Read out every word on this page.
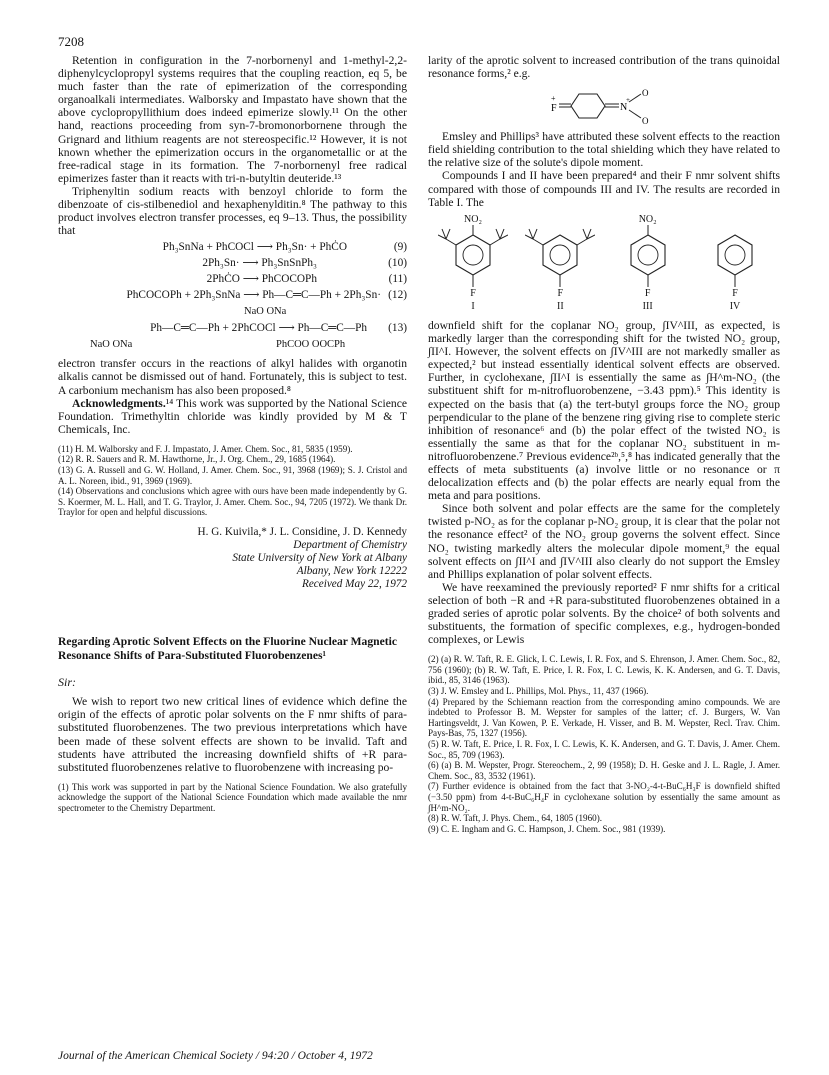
7208

Retention in configuration in the 7-norbornenyl and 1-methyl-2,2-diphenylcyclopropyl systems requires that the coupling reaction, eq 5, be much faster than the rate of epimerization of the corresponding organoalkali intermediates. Walborsky and Impastato have shown that the above cyclopropyllithium does indeed epimerize slowly.¹¹ On the other hand, reactions proceeding from syn-7-bromonorbornene through the Grignard and lithium reagents are not stereospecific.¹² However, it is not known whether the epimerization occurs in the organometallic or at the free-radical stage in its formation. The 7-norbornenyl free radical epimerizes faster than it reacts with tri-n-butyltin deuteride.¹³

Triphenyltin sodium reacts with benzoyl chloride to form the dibenzoate of cis-stilbenediol and hexaphenylditin.⁸ The pathway to this product involves electron transfer processes, eq 9–13. Thus, the possibility that

Ph₃SnNa + PhCOCl ⟶ Ph₃Sn· + PhĊO	(9)
2Ph₃Sn· ⟶ Ph₃SnSnPh₃	(10)
2PhĊO ⟶ PhCOCOPh	(11)
PhCOCOPh + 2Ph₃SnNa ⟶ Ph—C═C—Ph + 2Ph₃Sn· (12)
NaO ONa
Ph—C═C—Ph + 2PhCOCl ⟶ Ph—C═C—Ph (13)
NaO ONa	PhCOO OOCPh

electron transfer occurs in the reactions of alkyl halides with organotin alkalis cannot be dismissed out of hand. Fortunately, this is subject to test. A carbonium mechanism has also been proposed.⁸

Acknowledgments.¹⁴ This work was supported by the National Science Foundation. Trimethyltin chloride was kindly provided by M & T Chemicals, Inc.

(11) H. M. Walborsky and F. J. Impastato, J. Amer. Chem. Soc., 81, 5835 (1959).

(12) R. R. Sauers and R. M. Hawthorne, Jr., J. Org. Chem., 29, 1685 (1964).

(13) G. A. Russell and G. W. Holland, J. Amer. Chem. Soc., 91, 3968 (1969); S. J. Cristol and A. L. Noreen, ibid., 91, 3969 (1969).

(14) Observations and conclusions which agree with ours have been made independently by G. S. Koermer, M. L. Hall, and T. G. Traylor, J. Amer. Chem. Soc., 94, 7205 (1972). We thank Dr. Traylor for open and helpful discussions.

H. G. Kuivila,* J. L. Considine, J. D. Kennedy
Department of Chemistry
State University of New York at Albany
Albany, New York 12222
Received May 22, 1972
Regarding Aprotic Solvent Effects on the Fluorine Nuclear Magnetic Resonance Shifts of Para-Substituted Fluorobenzenes¹
Sir:

We wish to report two new critical lines of evidence which define the origin of the effects of aprotic polar solvents on the F nmr shifts of para-substituted fluorobenzenes. The two previous interpretations which have been made of these solvent effects are shown to be invalid. Taft and students have attributed the increasing downfield shifts of +R para-substituted fluorobenzenes relative to fluorobenzene with increasing po-

(1) This work was supported in part by the National Science Foundation. We also gratefully acknowledge the support of the National Science Foundation which made available the nmr spectrometer to the Chemistry Department.

larity of the aprotic solvent to increased contribution of the trans quinoidal resonance forms,² e.g.

F
+
N
+
O
O

Emsley and Phillips³ have attributed these solvent effects to the reaction field shielding contribution to the total shielding which they have related to the relative size of the solute's dipole moment.

Compounds I and II have been prepared⁴ and their F nmr solvent shifts compared with those of compounds III and IV. The results are recorded in Table I. The

NO₂
F
I
F
II
NO₂
F
III
F
IV

downfield shift for the coplanar NO₂ group, ∫IV^III, as expected, is markedly larger than the corresponding shift for the twisted NO₂ group, ∫II^I. However, the solvent effects on ∫IV^III are not markedly smaller as expected,² but instead essentially identical solvent effects are observed. Further, in cyclohexane, ∫II^I is essentially the same as ∫H^m-NO₂ (the substituent shift for m-nitrofluorobenzene, −3.43 ppm).⁵ This identity is expected on the basis that (a) the tert-butyl groups force the NO₂ group perpendicular to the plane of the benzene ring giving rise to complete steric inhibition of resonance⁶ and (b) the polar effect of the twisted NO₂ is essentially the same as that for the coplanar NO₂ substituent in m-nitrofluorobenzene.⁷ Previous evidence²ᵇ,⁵,⁸ has indicated generally that the effects of meta substituents (a) involve little or no resonance or π delocalization effects and (b) the polar effects are nearly equal from the meta and para positions.

Since both solvent and polar effects are the same for the completely twisted p-NO₂ as for the coplanar p-NO₂ group, it is clear that the polar not the resonance effect² of the NO₂ group governs the solvent effect. Since NO₂ twisting markedly alters the molecular dipole moment,⁹ the equal solvent effects on ∫II^I and ∫IV^III also clearly do not support the Emsley and Phillips explanation of polar solvent effects.

We have reexamined the previously reported² F nmr shifts for a critical selection of both −R and +R para-substituted fluorobenzenes obtained in a graded series of aprotic polar solvents. By the choice² of both solvents and substituents, the formation of specific complexes, e.g., hydrogen-bonded complexes, or Lewis

(2) (a) R. W. Taft, R. E. Glick, I. C. Lewis, I. R. Fox, and S. Ehrenson, J. Amer. Chem. Soc., 82, 756 (1960); (b) R. W. Taft, E. Price, I. R. Fox, I. C. Lewis, K. K. Andersen, and G. T. Davis, ibid., 85, 3146 (1963).

(3) J. W. Emsley and L. Phillips, Mol. Phys., 11, 437 (1966).

(4) Prepared by the Schiemann reaction from the corresponding amino compounds. We are indebted to Professor B. M. Wepster for samples of the latter; cf. J. Burgers, W. Van Hartingsveldt, J. Van Kowen, P. E. Verkade, H. Visser, and B. M. Wepster, Recl. Trav. Chim. Pays-Bas, 75, 1327 (1956).

(5) R. W. Taft, E. Price, I. R. Fox, I. C. Lewis, K. K. Andersen, and G. T. Davis, J. Amer. Chem. Soc., 85, 709 (1963).

(6) (a) B. M. Wepster, Progr. Stereochem., 2, 99 (1958); D. H. Geske and J. L. Ragle, J. Amer. Chem. Soc., 83, 3532 (1961).

(7) Further evidence is obtained from the fact that 3-NO₂-4-t-BuC₆H₃F is downfield shifted (−3.50 ppm) from 4-t-BuC₆H₄F in cyclohexane solution by essentially the same amount as ∫H^m-NO₂.

(8) R. W. Taft, J. Phys. Chem., 64, 1805 (1960).

(9) C. E. Ingham and G. C. Hampson, J. Chem. Soc., 981 (1939).

Journal of the American Chemical Society / 94:20 / October 4, 1972
